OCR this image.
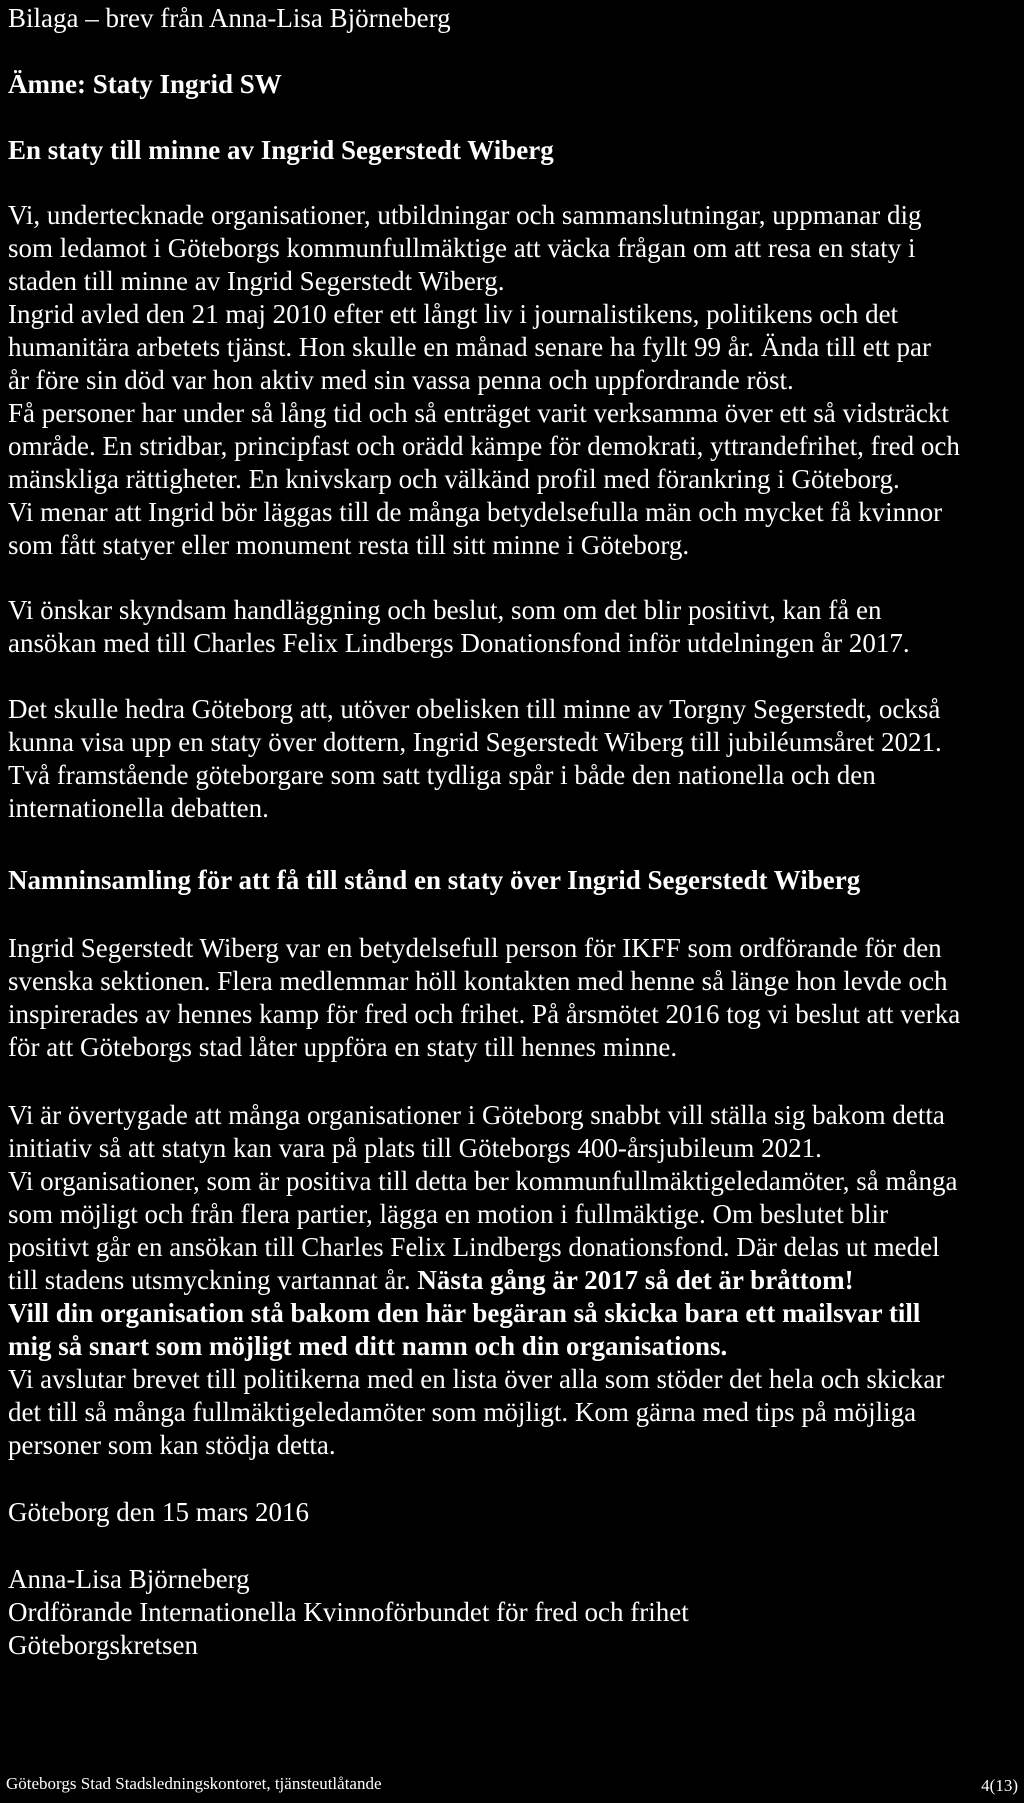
Bilaga – brev från Anna-Lisa Björneberg
Ämne: Staty Ingrid SW
En staty till minne av Ingrid Segerstedt Wiberg
Vi, undertecknade organisationer, utbildningar och sammanslutningar, uppmanar dig
som ledamot i Göteborgs kommunfullmäktige att väcka frågan om att resa en staty i
staden till minne av Ingrid Segerstedt Wiberg.
Ingrid avled den 21 maj 2010 efter ett långt liv i journalistikens, politikens och det
humanitära arbetets tjänst. Hon skulle en månad senare ha fyllt 99 år. Ända till ett par
år före sin död var hon aktiv med sin vassa penna och uppfordrande röst.
Få personer har under så lång tid och så enträget varit verksamma över ett så vidsträckt
område. En stridbar, principfast och orädd kämpe för demokrati, yttrandefrihet, fred och
mänskliga rättigheter. En knivskarp och välkänd profil med förankring i Göteborg.
Vi menar att Ingrid bör läggas till de många betydelsefulla män och mycket få kvinnor
som fått statyer eller monument resta till sitt minne i Göteborg.
Vi önskar skyndsam handläggning och beslut, som om det blir positivt, kan få en
ansökan med till Charles Felix Lindbergs Donationsfond inför utdelningen år 2017.
Det skulle hedra Göteborg att, utöver obelisken till minne av Torgny Segerstedt, också
kunna visa upp en staty över dottern, Ingrid Segerstedt Wiberg till jubiléumsåret 2021.
Två framstående göteborgare som satt tydliga spår i både den nationella och den
internationella debatten.
Namninsamling för att få till stånd en staty över Ingrid Segerstedt Wiberg
Ingrid Segerstedt Wiberg var en betydelsefull person för IKFF som ordförande för den
svenska sektionen. Flera medlemmar höll kontakten med henne så länge hon levde och
inspirerades av hennes kamp för fred och frihet. På årsmötet 2016 tog vi beslut att verka
för att Göteborgs stad låter uppföra en staty till hennes minne.
Vi är övertygade att många organisationer i Göteborg snabbt vill ställa sig bakom detta
initiativ så att statyn kan vara på plats till Göteborgs 400-årsjubileum 2021.
Vi organisationer, som är positiva till detta ber kommunfullmäktigeledamöter, så många
som möjligt och från flera partier, lägga en motion i fullmäktige. Om beslutet blir
positivt går en ansökan till Charles Felix Lindbergs donationsfond. Där delas ut medel
till stadens utsmyckning vartannat år. Nästa gång är 2017 så det är bråttom!
Vill din organisation stå bakom den här begäran så skicka bara ett mailsvar till
mig så snart som möjligt med ditt namn och din organisations.
Vi avslutar brevet till politikerna med en lista över alla som stöder det hela och skickar
det till så många fullmäktigeledamöter som möjligt. Kom gärna med tips på möjliga
personer som kan stödja detta.
Göteborg den 15 mars 2016
Anna-Lisa Björneberg
Ordförande Internationella Kvinnoförbundet för fred och frihet
Göteborgskretsen
Göteborgs Stad Stadsledningskontoret, tjänsteutlåtande	4(13)
